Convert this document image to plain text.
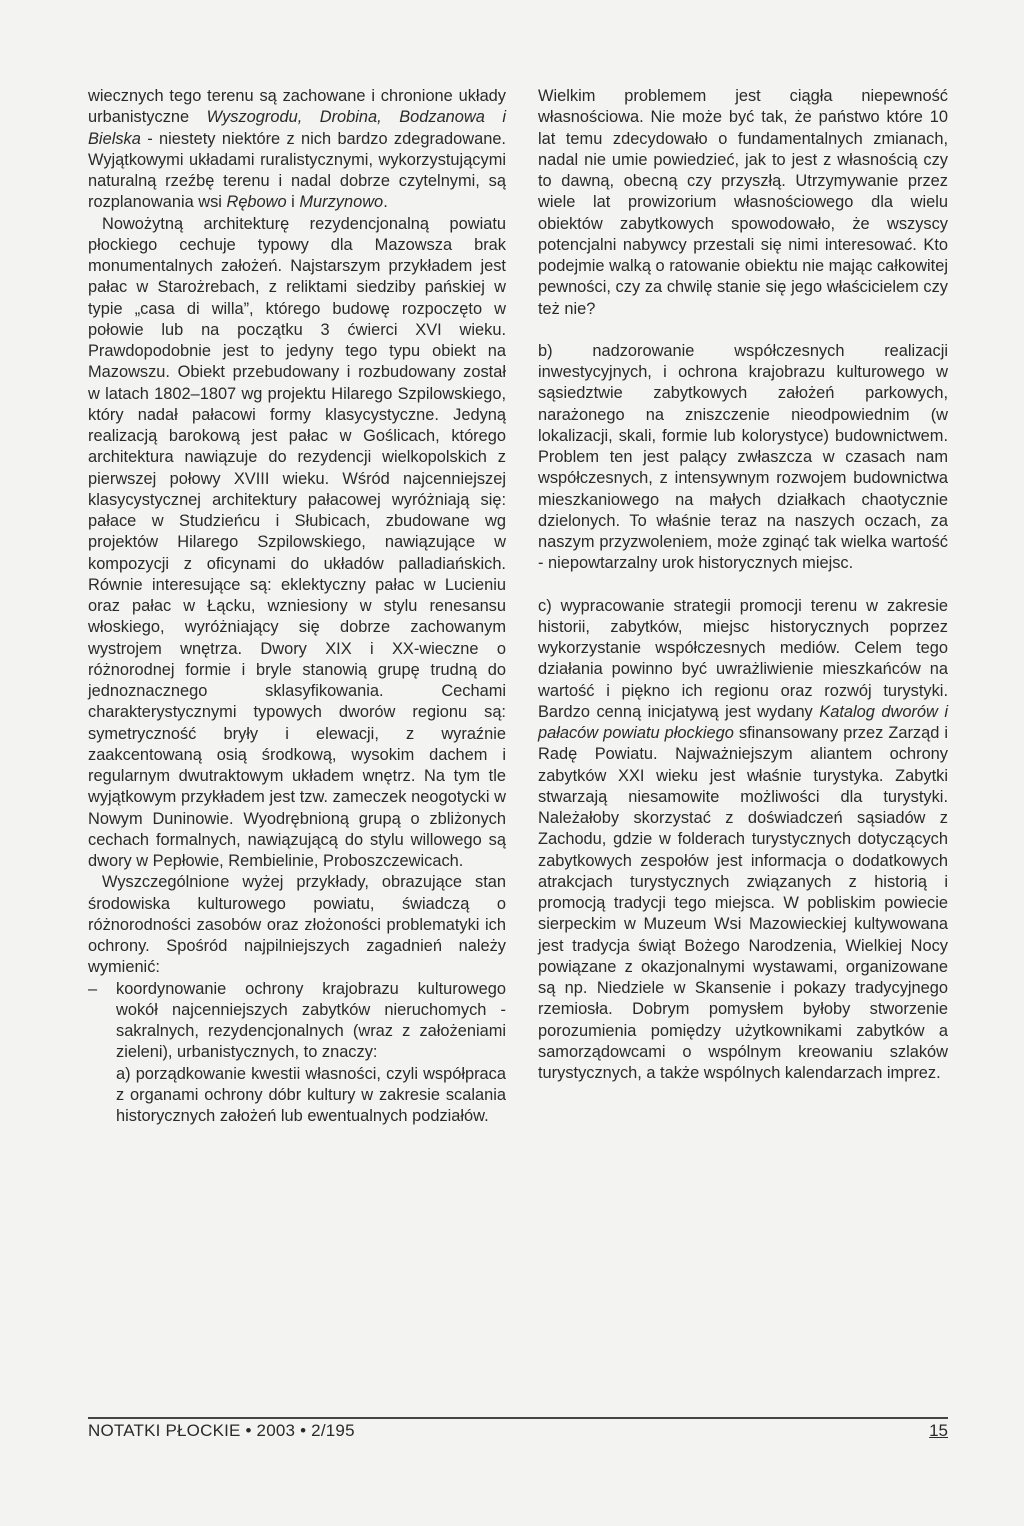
wiecznych tego terenu są zachowane i chronione układy urbanistyczne Wyszogrodu, Drobina, Bodzanowa i Bielska - niestety niektóre z nich bardzo zdegradowane. Wyjątkowymi układami ruralistycznymi, wykorzystującymi naturalną rzeźbę terenu i nadal dobrze czytelnymi, są rozplanowania wsi Rębowo i Murzynowo.

Nowożytną architekturę rezydencjonalną powiatu płockiego cechuje typowy dla Mazowsza brak monumentalnych założeń. Najstarszym przykładem jest pałac w Starożrebach, z reliktami siedziby pańskiej w typie „casa di willa”, którego budowę rozpoczęto w połowie lub na początku 3 ćwierci XVI wieku. Prawdopodobnie jest to jedyny tego typu obiekt na Mazowszu. Obiekt przebudowany i rozbudowany został w latach 1802–1807 wg projektu Hilarego Szpilowskiego, który nadał pałacowi formy klasycystyczne. Jedyną realizacją barokową jest pałac w Goślicach, którego architektura nawiązuje do rezydencji wielkopolskich z pierwszej połowy XVIII wieku. Wśród najcenniejszej klasycystycznej architektury pałacowej wyróżniają się: pałace w Studzieńcu i Słubicach, zbudowane wg projektów Hilarego Szpilowskiego, nawiązujące w kompozycji z oficynami do układów palladiańskich. Równie interesujące są: eklektyczny pałac w Lucieniu oraz pałac w Łącku, wzniesiony w stylu renesansu włoskiego, wyróżniający się dobrze zachowanym wystrojem wnętrza. Dwory XIX i XX-wieczne o różnorodnej formie i bryle stanowią grupę trudną do jednoznacznego sklasyfikowania. Cechami charakterystycznymi typowych dworów regionu są: symetryczność bryły i elewacji, z wyraźnie zaakcentowaną osią środkową, wysokim dachem i regularnym dwutraktowym układem wnętrz. Na tym tle wyjątkowym przykładem jest tzw. zameczek neogotycki w Nowym Duninowie. Wyodrębnioną grupą o zbliżonych cechach formalnych, nawiązującą do stylu willowego są dwory w Pepłowie, Rembielinie, Proboszczewicach.

Wyszczególnione wyżej przykłady, obrazujące stan środowiska kulturowego powiatu, świadczą o różnorodności zasobów oraz złożoności problematyki ich ochrony. Spośród najpilniejszych zagadnień należy wymienić:

–	koordynowanie ochrony krajobrazu kulturowego wokół najcenniejszych zabytków nieruchomych - sakralnych, rezydencjonalnych (wraz z założeniami zieleni), urbanistycznych, to znaczy:

a) porządkowanie kwestii własności, czyli współpraca z organami ochrony dóbr kultury w zakresie scalania historycznych założeń lub ewentualnych podziałów.

Wielkim problemem jest ciągła niepewność własnościowa. Nie może być tak, że państwo które 10 lat temu zdecydowało o fundamentalnych zmianach, nadal nie umie powiedzieć, jak to jest z własnością czy to dawną, obecną czy przyszłą. Utrzymywanie przez wiele lat prowizorium własnościowego dla wielu obiektów zabytkowych spowodowało, że wszyscy potencjalni nabywcy przestali się nimi interesować. Kto podejmie walką o ratowanie obiektu nie mając całkowitej pewności, czy za chwilę stanie się jego właścicielem czy też nie?

b) nadzorowanie współczesnych realizacji inwestycyjnych, i ochrona krajobrazu kulturowego w sąsiedztwie zabytkowych założeń parkowych, narażonego na zniszczenie nieodpowiednim (w lokalizacji, skali, formie lub kolorystyce) budownictwem. Problem ten jest palący zwłaszcza w czasach nam współczesnych, z intensywnym rozwojem budownictwa mieszkaniowego na małych działkach chaotycznie dzielonych. To właśnie teraz na naszych oczach, za naszym przyzwoleniem, może zginąć tak wielka wartość - niepowtarzalny urok historycznych miejsc.

c) wypracowanie strategii promocji terenu w zakresie historii, zabytków, miejsc historycznych poprzez wykorzystanie współczesnych mediów. Celem tego działania powinno być uwrażliwienie mieszkańców na wartość i piękno ich regionu oraz rozwój turystyki. Bardzo cenną inicjatywą jest wydany Katalog dworów i pałaców powiatu płockiego sfinansowany przez Zarząd i Radę Powiatu. Najważniejszym aliantem ochrony zabytków XXI wieku jest właśnie turystyka. Zabytki stwarzają niesamowite możliwości dla turystyki. Należałoby skorzystać z doświadczeń sąsiadów z Zachodu, gdzie w folderach turystycznych dotyczących zabytkowych zespołów jest informacja o dodatkowych atrakcjach turystycznych związanych z historią i promocją tradycji tego miejsca. W pobliskim powiecie sierpeckim w Muzeum Wsi Mazowieckiej kultywowana jest tradycja świąt Bożego Narodzenia, Wielkiej Nocy powiązane z okazjonalnymi wystawami, organizowane są np. Niedziele w Skansenie i pokazy tradycyjnego rzemiosła. Dobrym pomysłem byłoby stworzenie porozumienia pomiędzy użytkownikami zabytków a samorządowcami o wspólnym kreowaniu szlaków turystycznych, a także wspólnych kalendarzach imprez.

NOTATKI PŁOCKIE • 2003 • 2/195	15
